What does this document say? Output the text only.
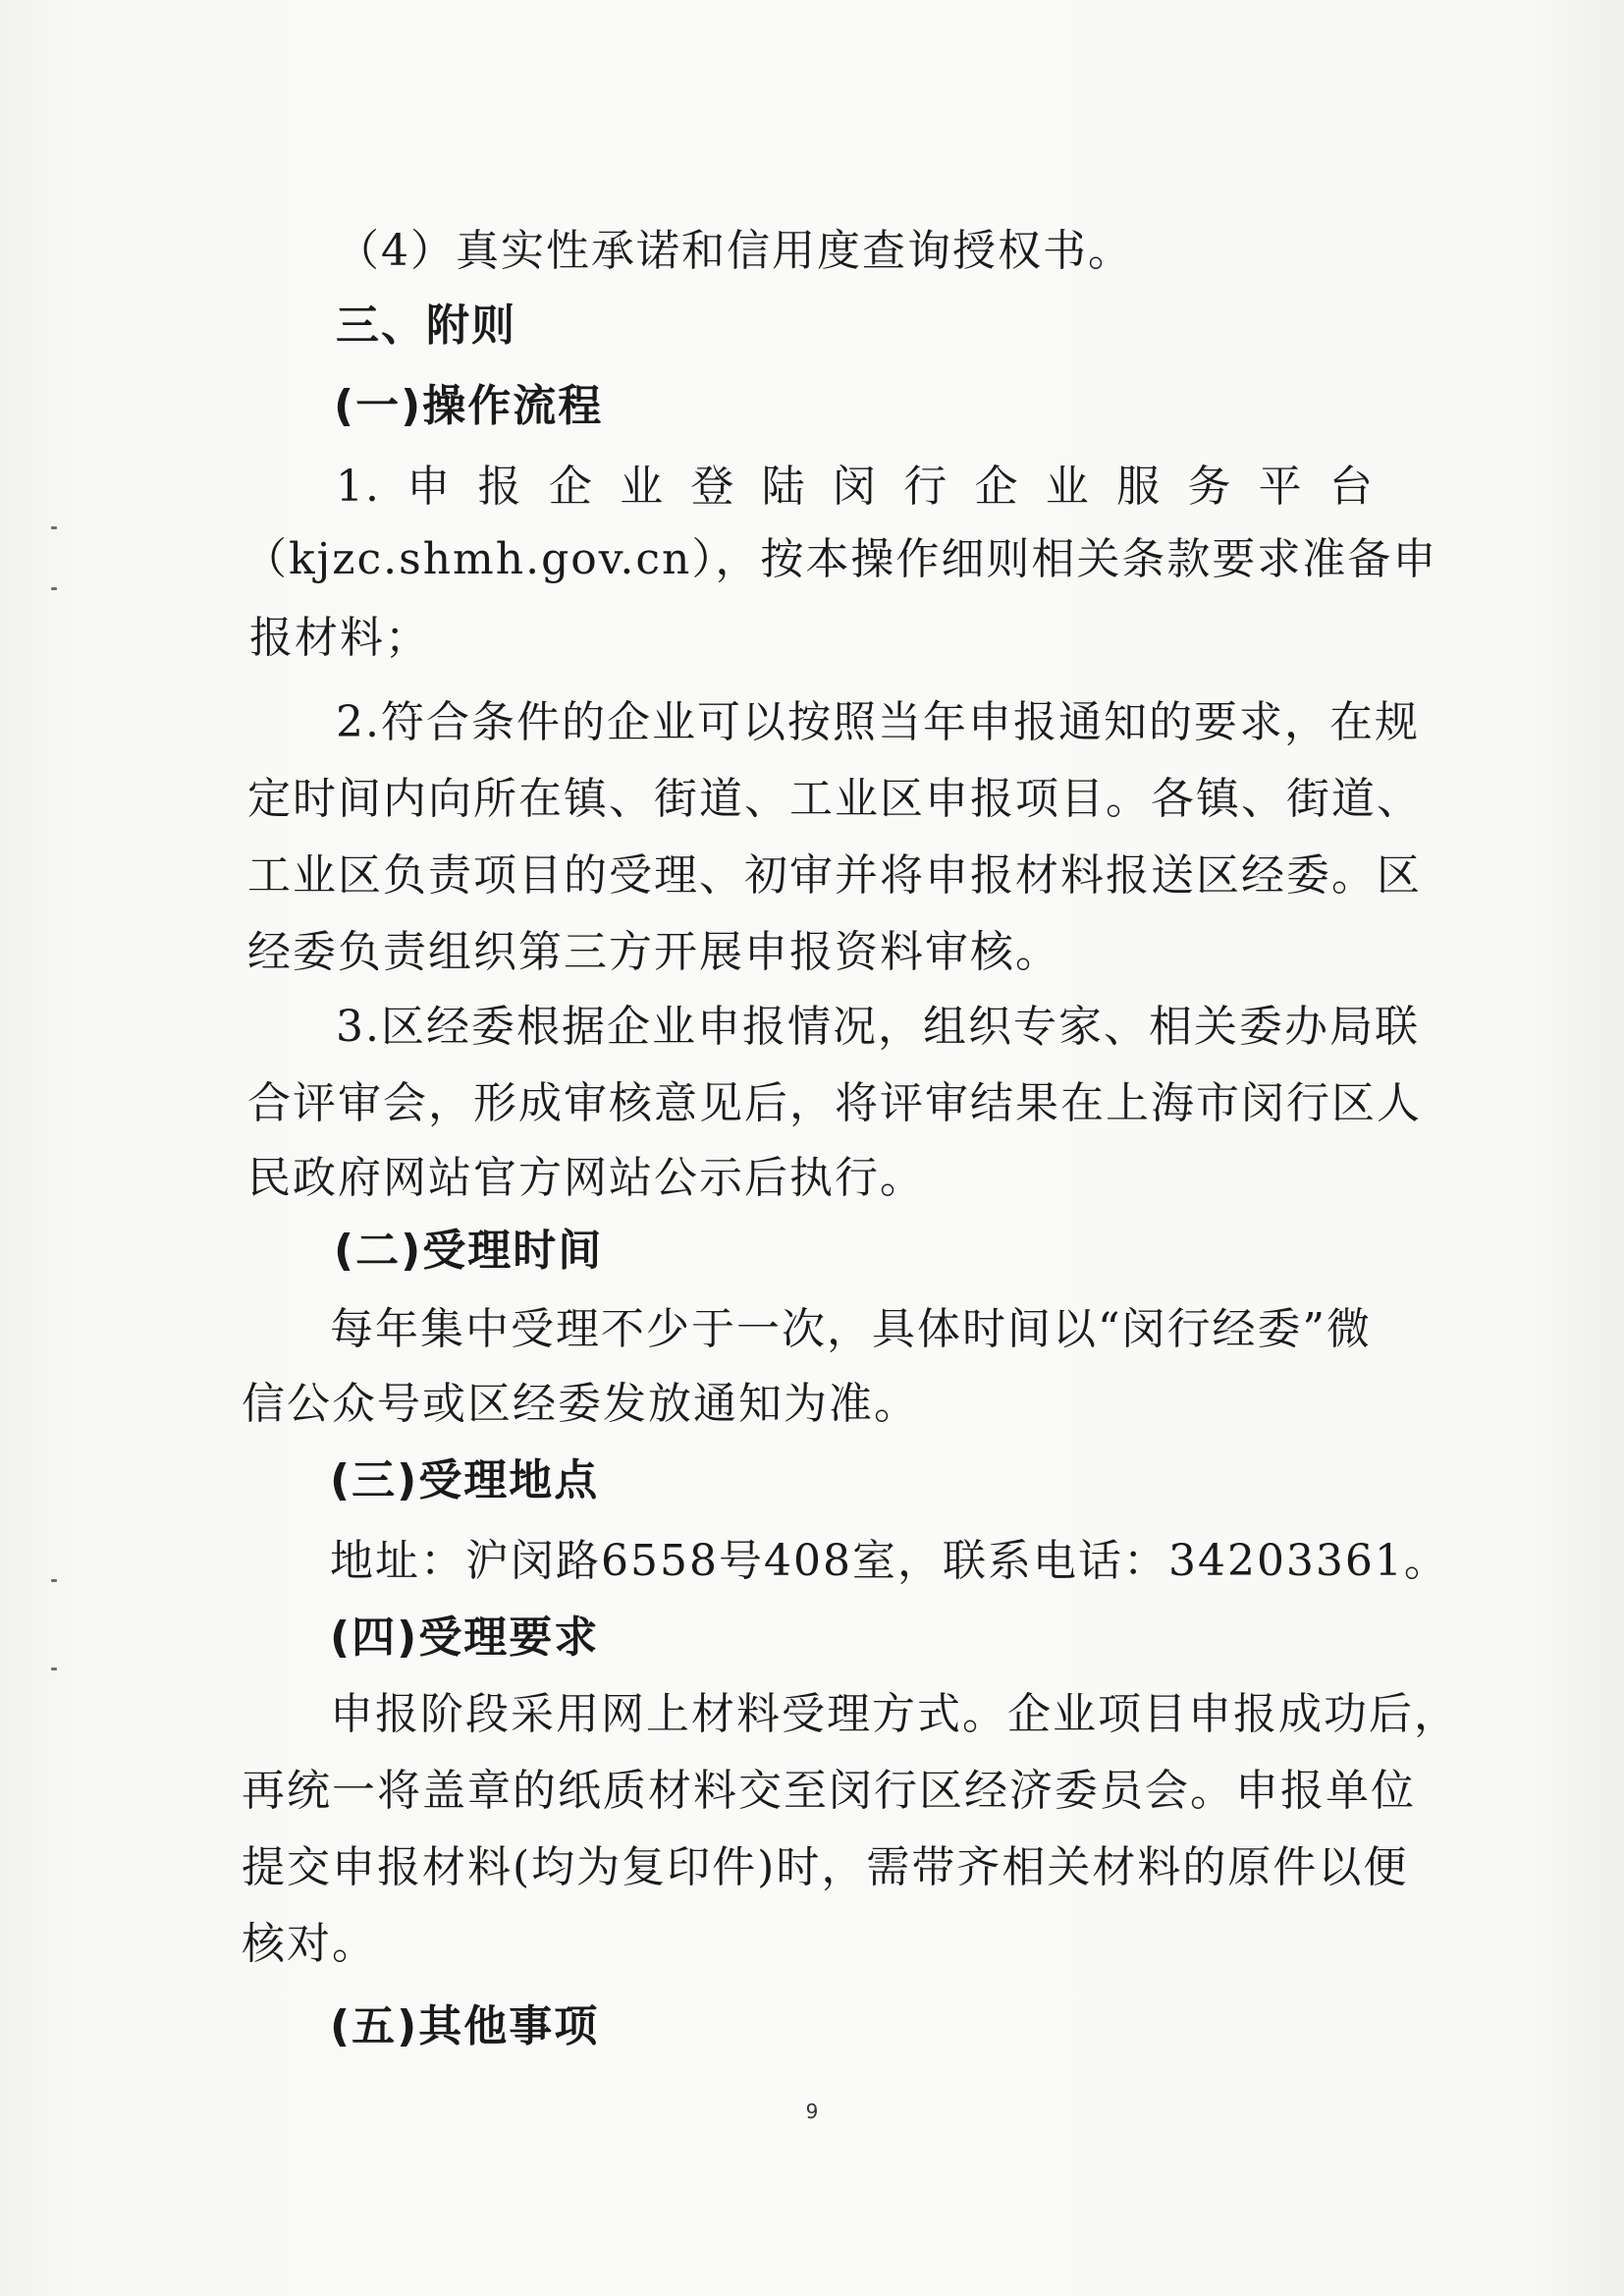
（4）真实性承诺和信用度查询授权书。
三、附则
(一)操作流程
1. 申 报 企 业 登 陆 闵 行 企 业 服 务 平 台
（kjzc.shmh.gov.cn），按本操作细则相关条款要求准备申
报材料；
2.符合条件的企业可以按照当年申报通知的要求，在规
定时间内向所在镇、街道、工业区申报项目。各镇、街道、
工业区负责项目的受理、初审并将申报材料报送区经委。区
经委负责组织第三方开展申报资料审核。
3.区经委根据企业申报情况，组织专家、相关委办局联
合评审会，形成审核意见后，将评审结果在上海市闵行区人
民政府网站官方网站公示后执行。
(二)受理时间
每年集中受理不少于一次，具体时间以“闵行经委”微
信公众号或区经委发放通知为准。
(三)受理地点
地址：沪闵路6558号408室，联系电话：34203361。
(四)受理要求
申报阶段采用网上材料受理方式。企业项目申报成功后，
再统一将盖章的纸质材料交至闵行区经济委员会。申报单位
提交申报材料(均为复印件)时，需带齐相关材料的原件以便
核对。
(五)其他事项
9
